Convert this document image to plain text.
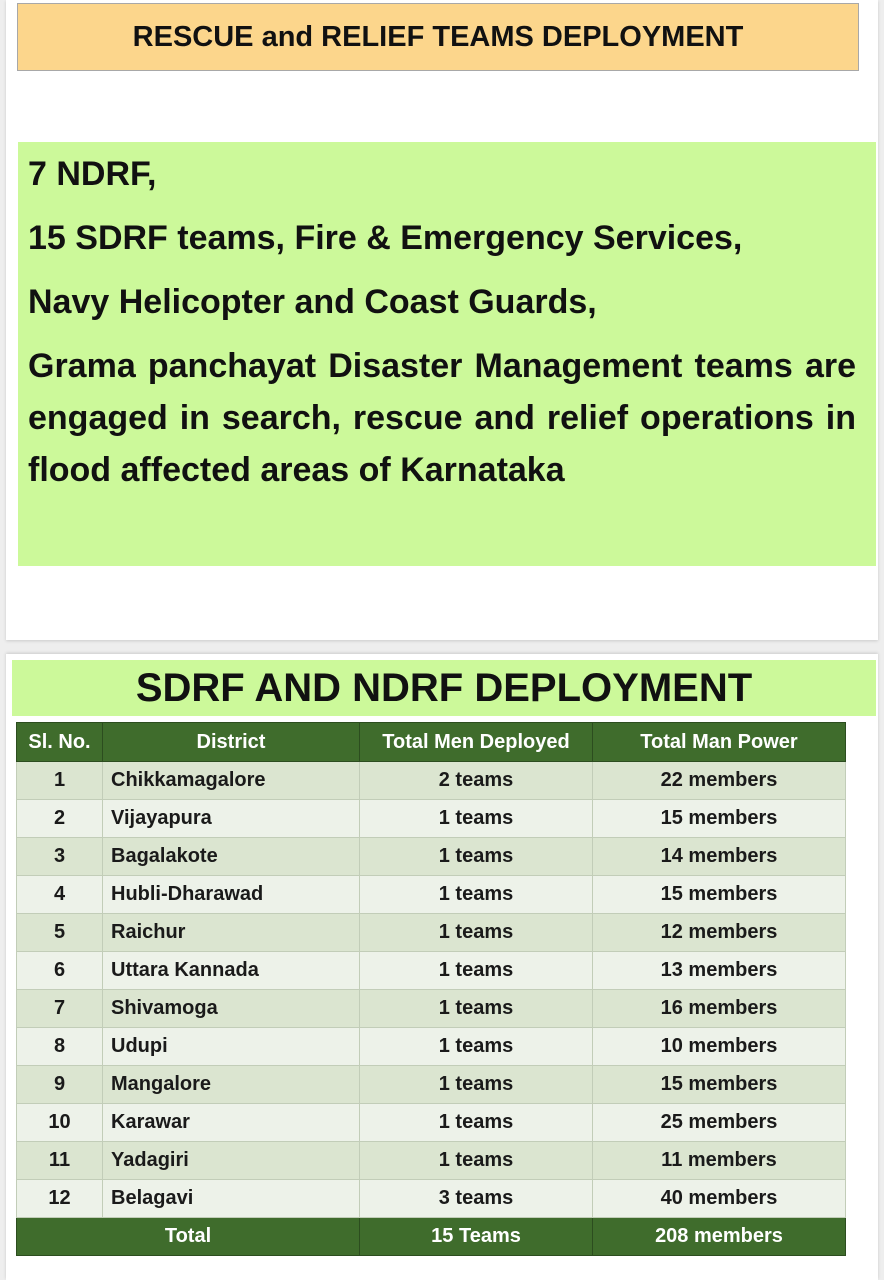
RESCUE and RELIEF TEAMS DEPLOYMENT
7 NDRF,
15 SDRF teams, Fire & Emergency Services,
Navy Helicopter and Coast Guards,
Grama panchayat Disaster Management teams are engaged in search, rescue and relief operations in flood affected areas of Karnataka
SDRF AND NDRF DEPLOYMENT
Sl. No.	District	Total Men Deployed	Total Man Power
1	Chikkamagalore	2 teams	22 members
2	Vijayapura	1 teams	15 members
3	Bagalakote	1 teams	14 members
4	Hubli-Dharawad	1 teams	15 members
5	Raichur	1 teams	12 members
6	Uttara Kannada	1 teams	13 members
7	Shivamoga	1 teams	16 members
8	Udupi	1 teams	10 members
9	Mangalore	1 teams	15 members
10	Karawar	1 teams	25 members
11	Yadagiri	1 teams	11 members
12	Belagavi	3 teams	40 members
Total		15 Teams	208 members
